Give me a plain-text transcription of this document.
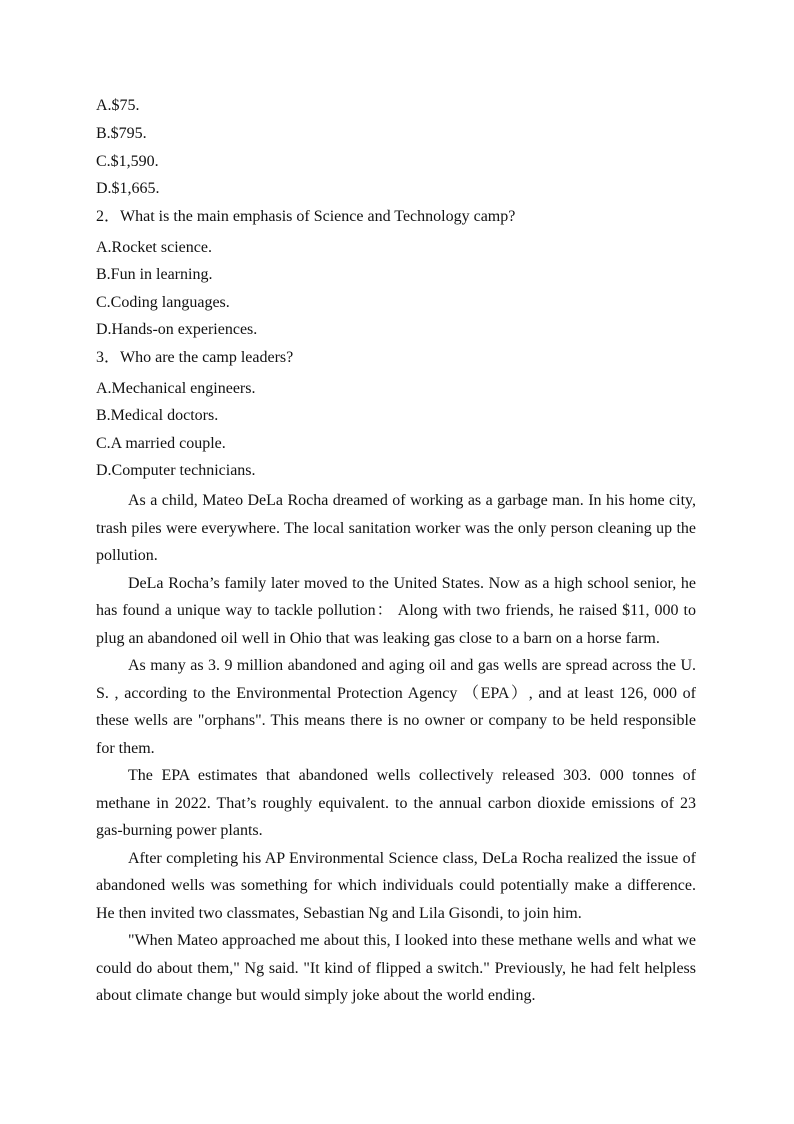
A.$75.
B.$795.
C.$1,590.
D.$1,665.
2．What is the main emphasis of Science and Technology camp?
A.Rocket science.
B.Fun in learning.
C.Coding languages.
D.Hands-on experiences.
3．Who are the camp leaders?
A.Mechanical engineers.
B.Medical doctors.
C.A married couple.
D.Computer technicians.

As a child, Mateo DeLa Rocha dreamed of working as a garbage man. In his home city, trash piles were everywhere. The local sanitation worker was the only person cleaning up the pollution.

DeLa Rocha’s family later moved to the United States. Now as a high school senior, he has found a unique way to tackle pollution： Along with two friends, he raised $11, 000 to plug an abandoned oil well in Ohio that was leaking gas close to a barn on a horse farm.

As many as 3. 9 million abandoned and aging oil and gas wells are spread across the U. S. , according to the Environmental Protection Agency （EPA）, and at least 126, 000 of these wells are "orphans". This means there is no owner or company to be held responsible for them.

The EPA estimates that abandoned wells collectively released 303. 000 tonnes of methane in 2022. That’s roughly equivalent. to the annual carbon dioxide emissions of 23 gas-burning power plants.

After completing his AP Environmental Science class, DeLa Rocha realized the issue of abandoned wells was something for which individuals could potentially make a difference. He then invited two classmates, Sebastian Ng and Lila Gisondi, to join him.

"When Mateo approached me about this, I looked into these methane wells and what we could do about them," Ng said. "It kind of flipped a switch." Previously, he had felt helpless about climate change but would simply joke about the world ending.
